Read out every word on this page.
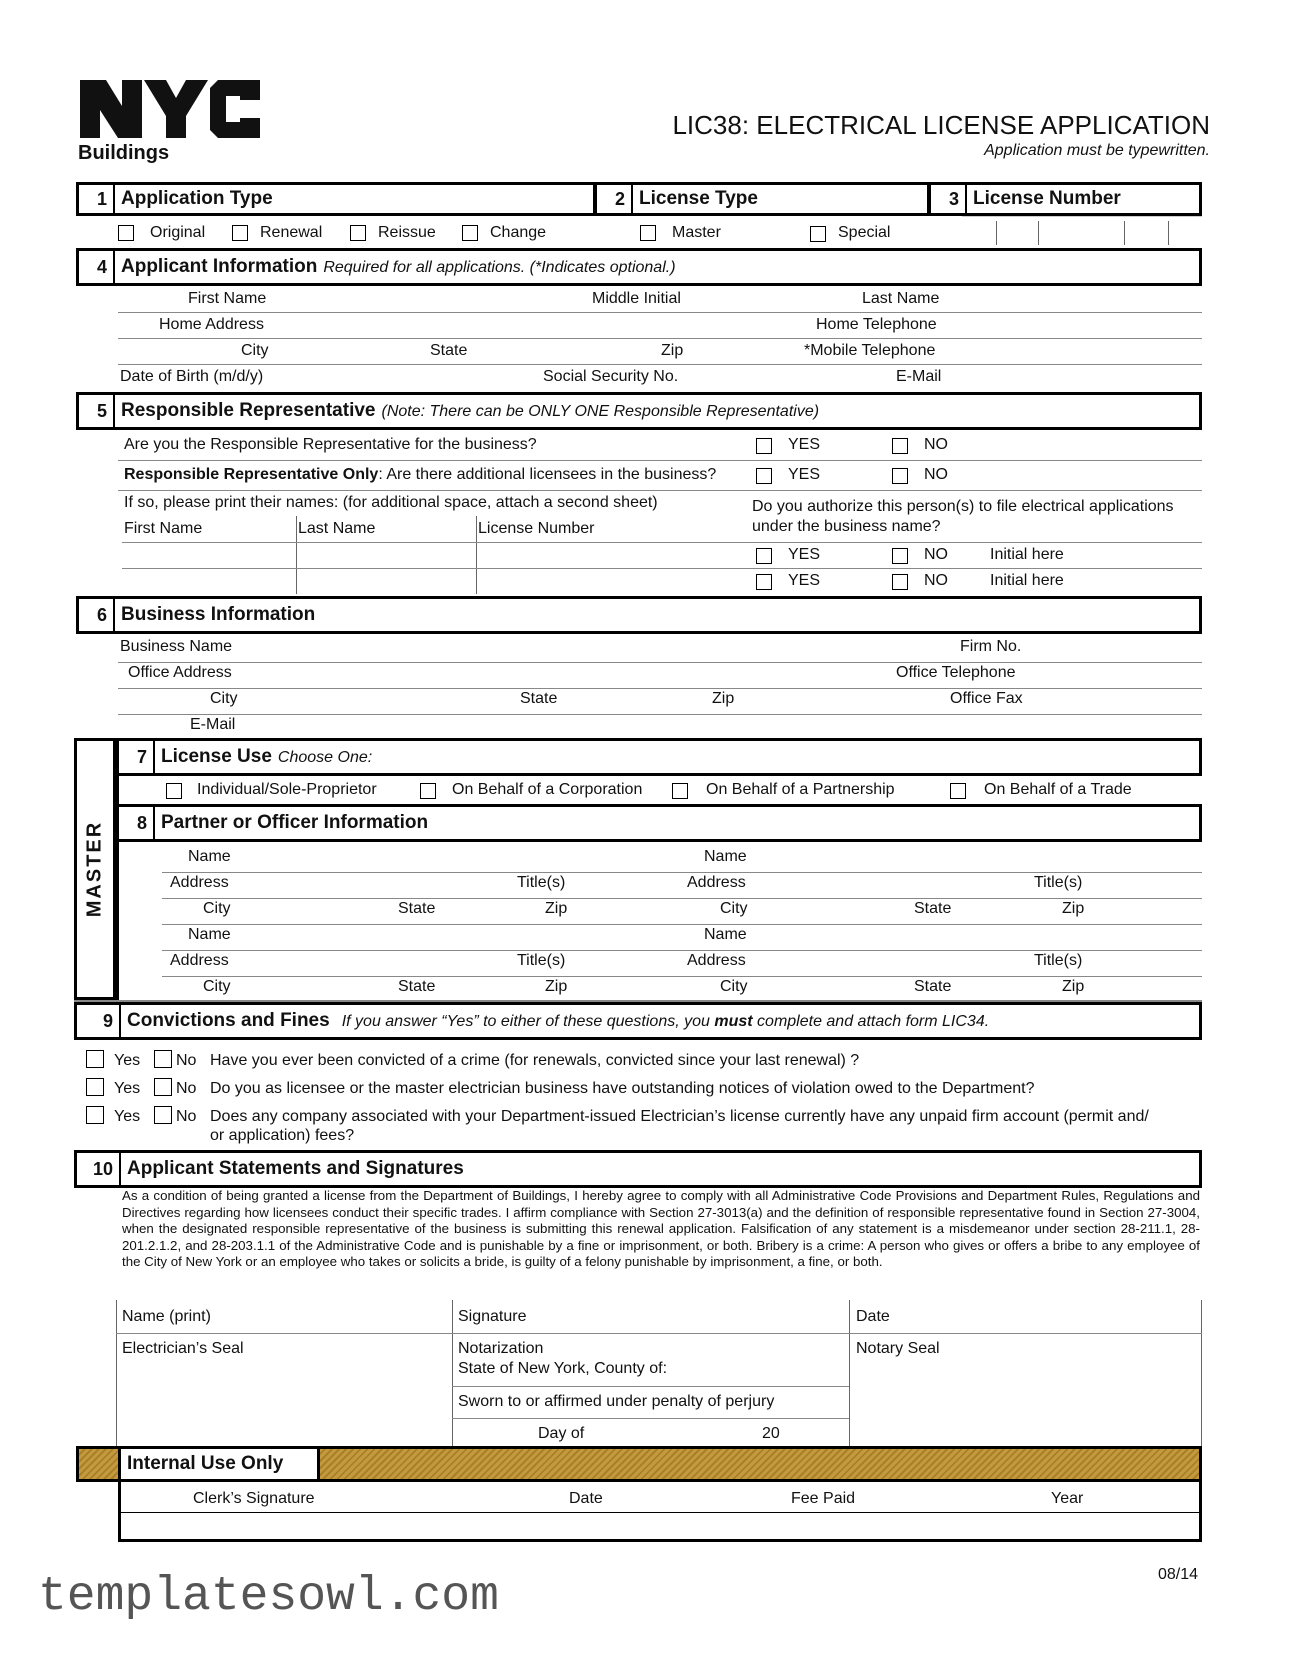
Buildings
LIC38: ELECTRICAL LICENSE APPLICATION
Application must be typewritten.
1 Application Type	2 License Type	3 License Number
Original	Renewal	Reissue	Change	Master	Special
4 Applicant Information Required for all applications. (*Indicates optional.)
First Name	Middle Initial	Last Name
Home Address	Home Telephone
City	State	Zip	*Mobile Telephone
Date of Birth (m/d/y)	Social Security No.	E-Mail
5 Responsible Representative (Note: There can be ONLY ONE Responsible Representative)
Are you the Responsible Representative for the business?	YES	NO
Responsible Representative Only: Are there additional licensees in the business?	YES	NO
If so, please print their names: (for additional space, attach a second sheet)	Do you authorize this person(s) to file electrical applications
under the business name?
First Name	Last Name	License Number
YES	NO	Initial here
YES	NO	Initial here
6 Business Information
Business Name	Firm No.
Office Address	Office Telephone
City	State	Zip	Office Fax
E-Mail
MASTER
7 License Use Choose One:
Individual/Sole-Proprietor	On Behalf of a Corporation	On Behalf of a Partnership	On Behalf of a Trade
8 Partner or Officer Information
Name	Name
Address	Title(s)	Address	Title(s)
City	State	Zip	City	State	Zip
Name	Name
Address	Title(s)	Address	Title(s)
City	State	Zip	City	State	Zip
9 Convictions and Fines If you answer “Yes” to either of these questions, you must complete and attach form LIC34.
Yes No Have you ever been convicted of a crime (for renewals, convicted since your last renewal) ?
Yes No Do you as licensee or the master electrician business have outstanding notices of violation owed to the Department?
Yes No Does any company associated with your Department-issued Electrician’s license currently have any unpaid firm account (permit and/
or application) fees?
10 Applicant Statements and Signatures
As a condition of being granted a license from the Department of Buildings, I hereby agree to comply with all Administrative Code Provisions and Department Rules, Regulations and Directives regarding how licensees conduct their specific trades. I affirm compliance with Section 27-3013(a) and the definition of responsible representative found in Section 27-3004, when the designated responsible representative of the business is submitting this renewal application. Falsification of any statement is a misdemeanor under section 28-211.1, 28-201.2.1.2, and 28-203.1.1 of the Administrative Code and is punishable by a fine or imprisonment, or both. Bribery is a crime: A person who gives or offers a bribe to any employee of the City of New York or an employee who takes or solicits a bride, is guilty of a felony punishable by imprisonment, a fine, or both.
Name (print)	Signature	Date
Electrician’s Seal	Notarization
State of New York, County of:
Notary Seal
Sworn to or affirmed under penalty of perjury
Day of	20
Internal Use Only
Clerk’s Signature	Date	Fee Paid	Year
08/14
templatesowl.com
